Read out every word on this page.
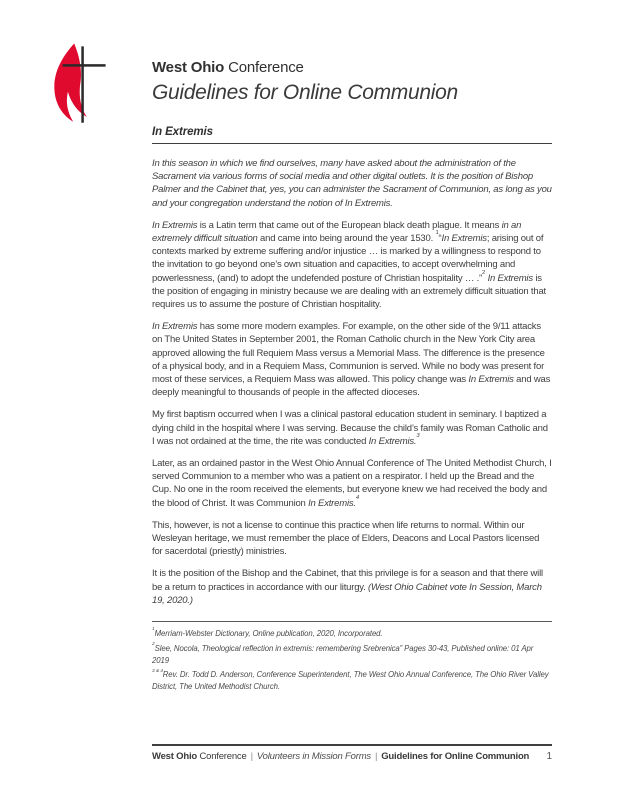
West Ohio Conference
Guidelines for Online Communion
In Extremis

In this season in which we find ourselves, many have asked about the administration of the Sacrament via various forms of social media and other digital outlets. It is the position of Bishop Palmer and the Cabinet that, yes, you can administer the Sacrament of Communion, as long as you and your congregation understand the notion of In Extremis.

In Extremis is a Latin term that came out of the European black death plague. It means in an extremely difficult situation and came into being around the year 1530. $^1$“In Extremis; arising out of contexts marked by extreme suffering and/or injustice … is marked by a willingness to respond to the invitation to go beyond one’s own situation and capacities, to accept overwhelming and powerlessness, (and) to adopt the undefended posture of Christian hospitality … .”$^2$ In Extremis is the position of engaging in ministry because we are dealing with an extremely difficult situation that requires us to assume the posture of Christian hospitality.

In Extremis has some more modern examples. For example, on the other side of the 9/11 attacks on The United States in September 2001, the Roman Catholic church in the New York City area approved allowing the full Requiem Mass versus a Memorial Mass. The difference is the presence of a physical body, and in a Requiem Mass, Communion is served. While no body was present for most of these services, a Requiem Mass was allowed. This policy change was In Extremis and was deeply meaningful to thousands of people in the affected dioceses.

My first baptism occurred when I was a clinical pastoral education student in seminary. I baptized a dying child in the hospital where I was serving. Because the child’s family was Roman Catholic and I was not ordained at the time, the rite was conducted In Extremis.$^3$

Later, as an ordained pastor in the West Ohio Annual Conference of The United Methodist Church, I served Communion to a member who was a patient on a respirator. I held up the Bread and the Cup. No one in the room received the elements, but everyone knew we had received the body and the blood of Christ. It was Communion In Extremis.$^4$

This, however, is not a license to continue this practice when life returns to normal. Within our Wesleyan heritage, we must remember the place of Elders, Deacons and Local Pastors licensed for sacerdotal (priestly) ministries.

It is the position of the Bishop and the Cabinet, that this privilege is for a season and that there will be a return to practices in accordance with our liturgy. (West Ohio Cabinet vote In Session, March 19, 2020.)

$^1$Merriam-Webster Dictionary, Online publication, 2020, Incorporated.

$^2$Slee, Nocola, Theological reflection in extremis: remembering Srebrenica” Pages 30-43, Published online: 01 Apr 2019

$^{3 \& 4}$Rev. Dr. Todd D. Anderson, Conference Superintendent, The West Ohio Annual Conference, The Ohio River Valley District, The United Methodist Church.

West Ohio Conference | Volunteers in Mission Forms | Guidelines for Online Communion 1
